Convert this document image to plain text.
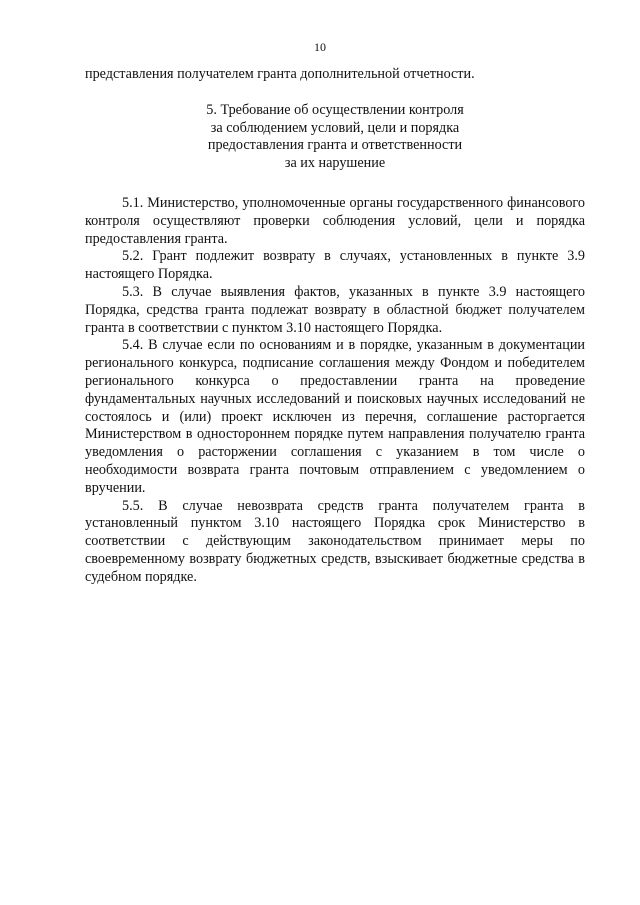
10

представления получателем гранта дополнительной отчетности.

5. Требование об осуществлении контроля
за соблюдением условий, цели и порядка
предоставления гранта и ответственности
за их нарушение

5.1. Министерство, уполномоченные органы государственного финансового контроля осуществляют проверки соблюдения условий, цели и порядка предоставления гранта.

5.2. Грант подлежит возврату в случаях, установленных в пункте 3.9 настоящего Порядка.

5.3. В случае выявления фактов, указанных в пункте 3.9 настоящего Порядка, средства гранта подлежат возврату в областной бюджет получателем гранта в соответствии с пунктом 3.10 настоящего Порядка.

5.4. В случае если по основаниям и в порядке, указанным в документации регионального конкурса, подписание соглашения между Фондом и победителем регионального конкурса о предоставлении гранта на проведение фундаментальных научных исследований и поисковых научных исследований не состоялось и (или) проект исключен из перечня, соглашение расторгается Министерством в одностороннем порядке путем направления получателю гранта уведомления о расторжении соглашения с указанием в том числе о необходимости возврата гранта почтовым отправлением с уведомлением о вручении.

5.5. В случае невозврата средств гранта получателем гранта в установленный пунктом 3.10 настоящего Порядка срок Министерство в соответствии с действующим законодательством принимает меры по своевременному возврату бюджетных средств, взыскивает бюджетные средства в судебном порядке.
